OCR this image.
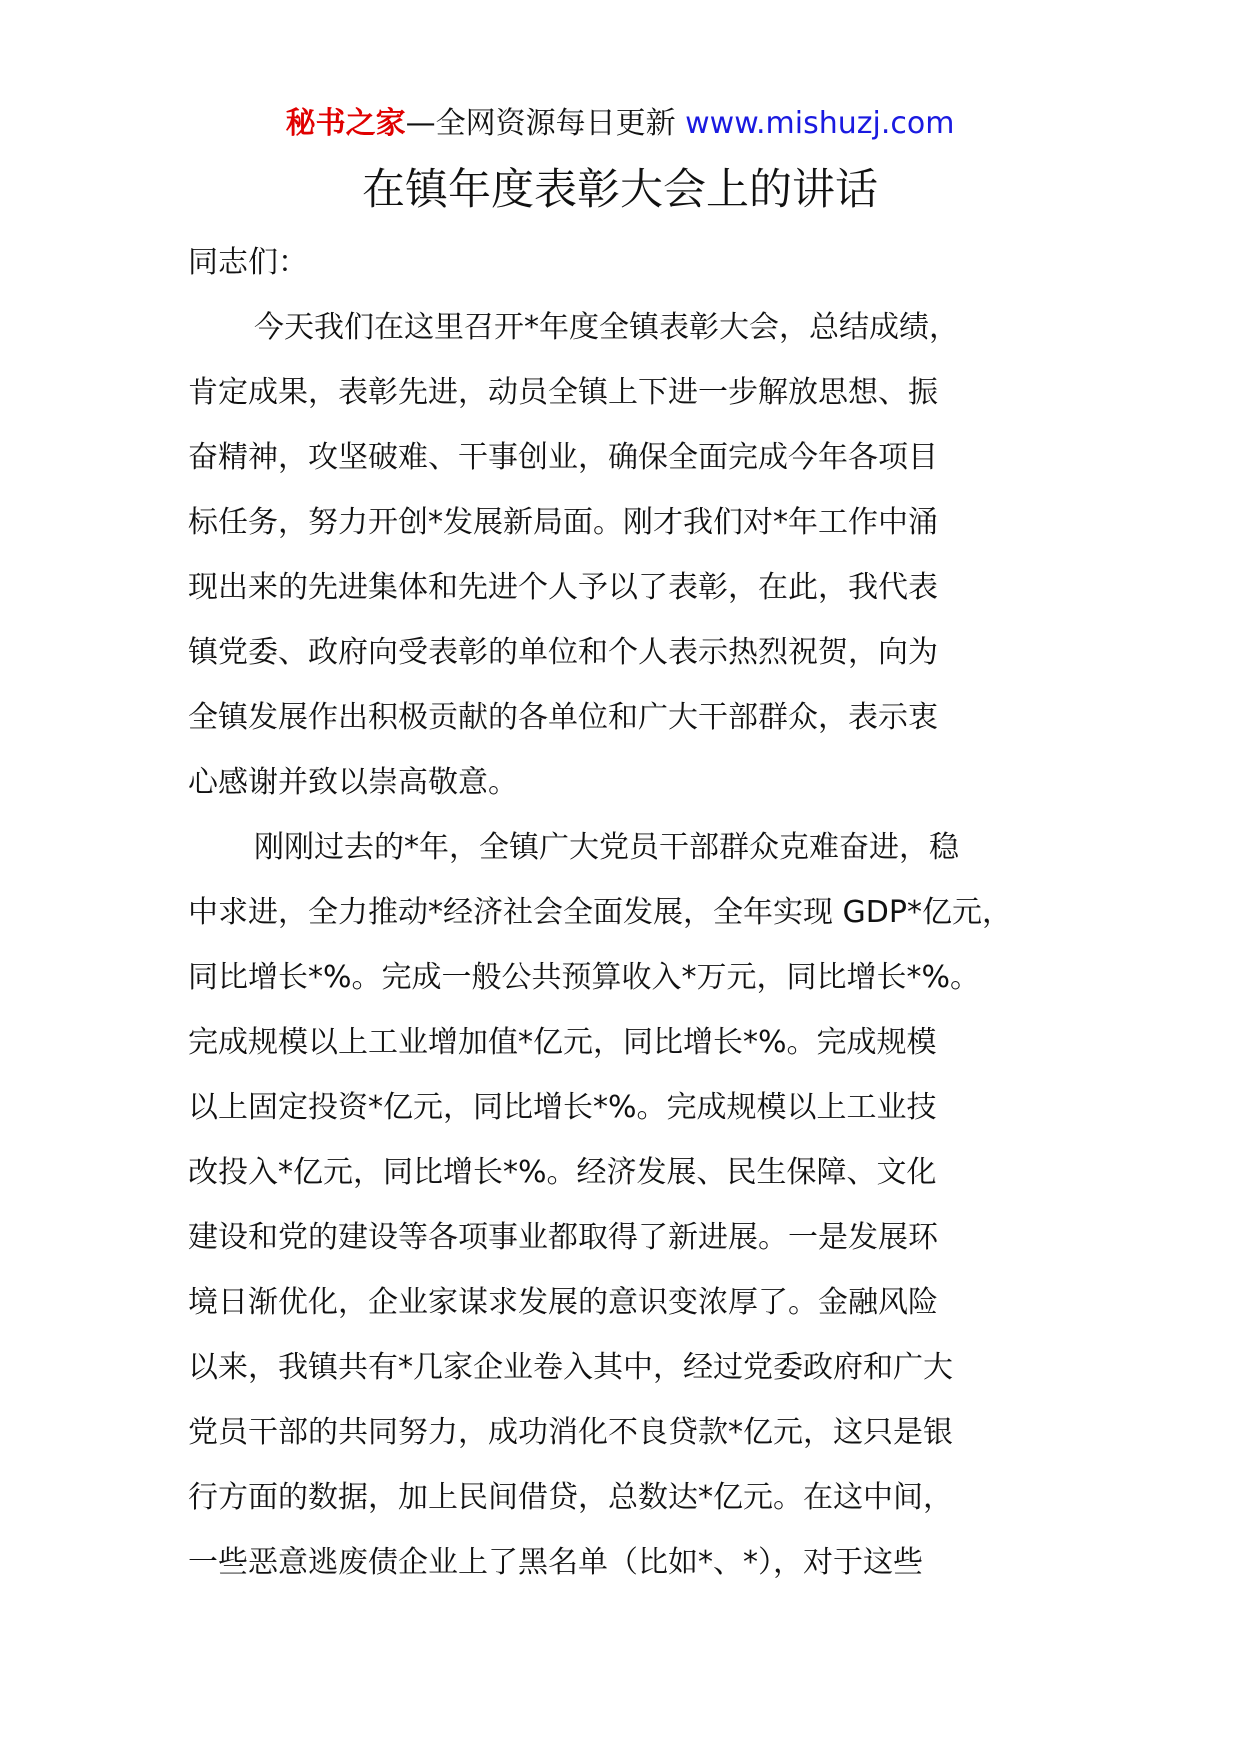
秘书之家—全网资源每日更新 www.mishuzj.com
在镇年度表彰大会上的讲话
同志们：
今天我们在这里召开*年度全镇表彰大会，总结成绩，
肯定成果，表彰先进，动员全镇上下进一步解放思想、振
奋精神，攻坚破难、干事创业，确保全面完成今年各项目
标任务，努力开创*发展新局面。刚才我们对*年工作中涌
现出来的先进集体和先进个人予以了表彰，在此，我代表
镇党委、政府向受表彰的单位和个人表示热烈祝贺，向为
全镇发展作出积极贡献的各单位和广大干部群众，表示衷
心感谢并致以崇高敬意。
刚刚过去的*年，全镇广大党员干部群众克难奋进，稳
中求进，全力推动*经济社会全面发展，全年实现 GDP*亿元，
同比增长*%。完成一般公共预算收入*万元，同比增长*%。
完成规模以上工业增加值*亿元，同比增长*%。完成规模
以上固定投资*亿元，同比增长*%。完成规模以上工业技
改投入*亿元，同比增长*%。经济发展、民生保障、文化
建设和党的建设等各项事业都取得了新进展。一是发展环
境日渐优化，企业家谋求发展的意识变浓厚了。金融风险
以来，我镇共有*几家企业卷入其中，经过党委政府和广大
党员干部的共同努力，成功消化不良贷款*亿元，这只是银
行方面的数据，加上民间借贷，总数达*亿元。在这中间，
一些恶意逃废债企业上了黑名单（比如*、*），对于这些
